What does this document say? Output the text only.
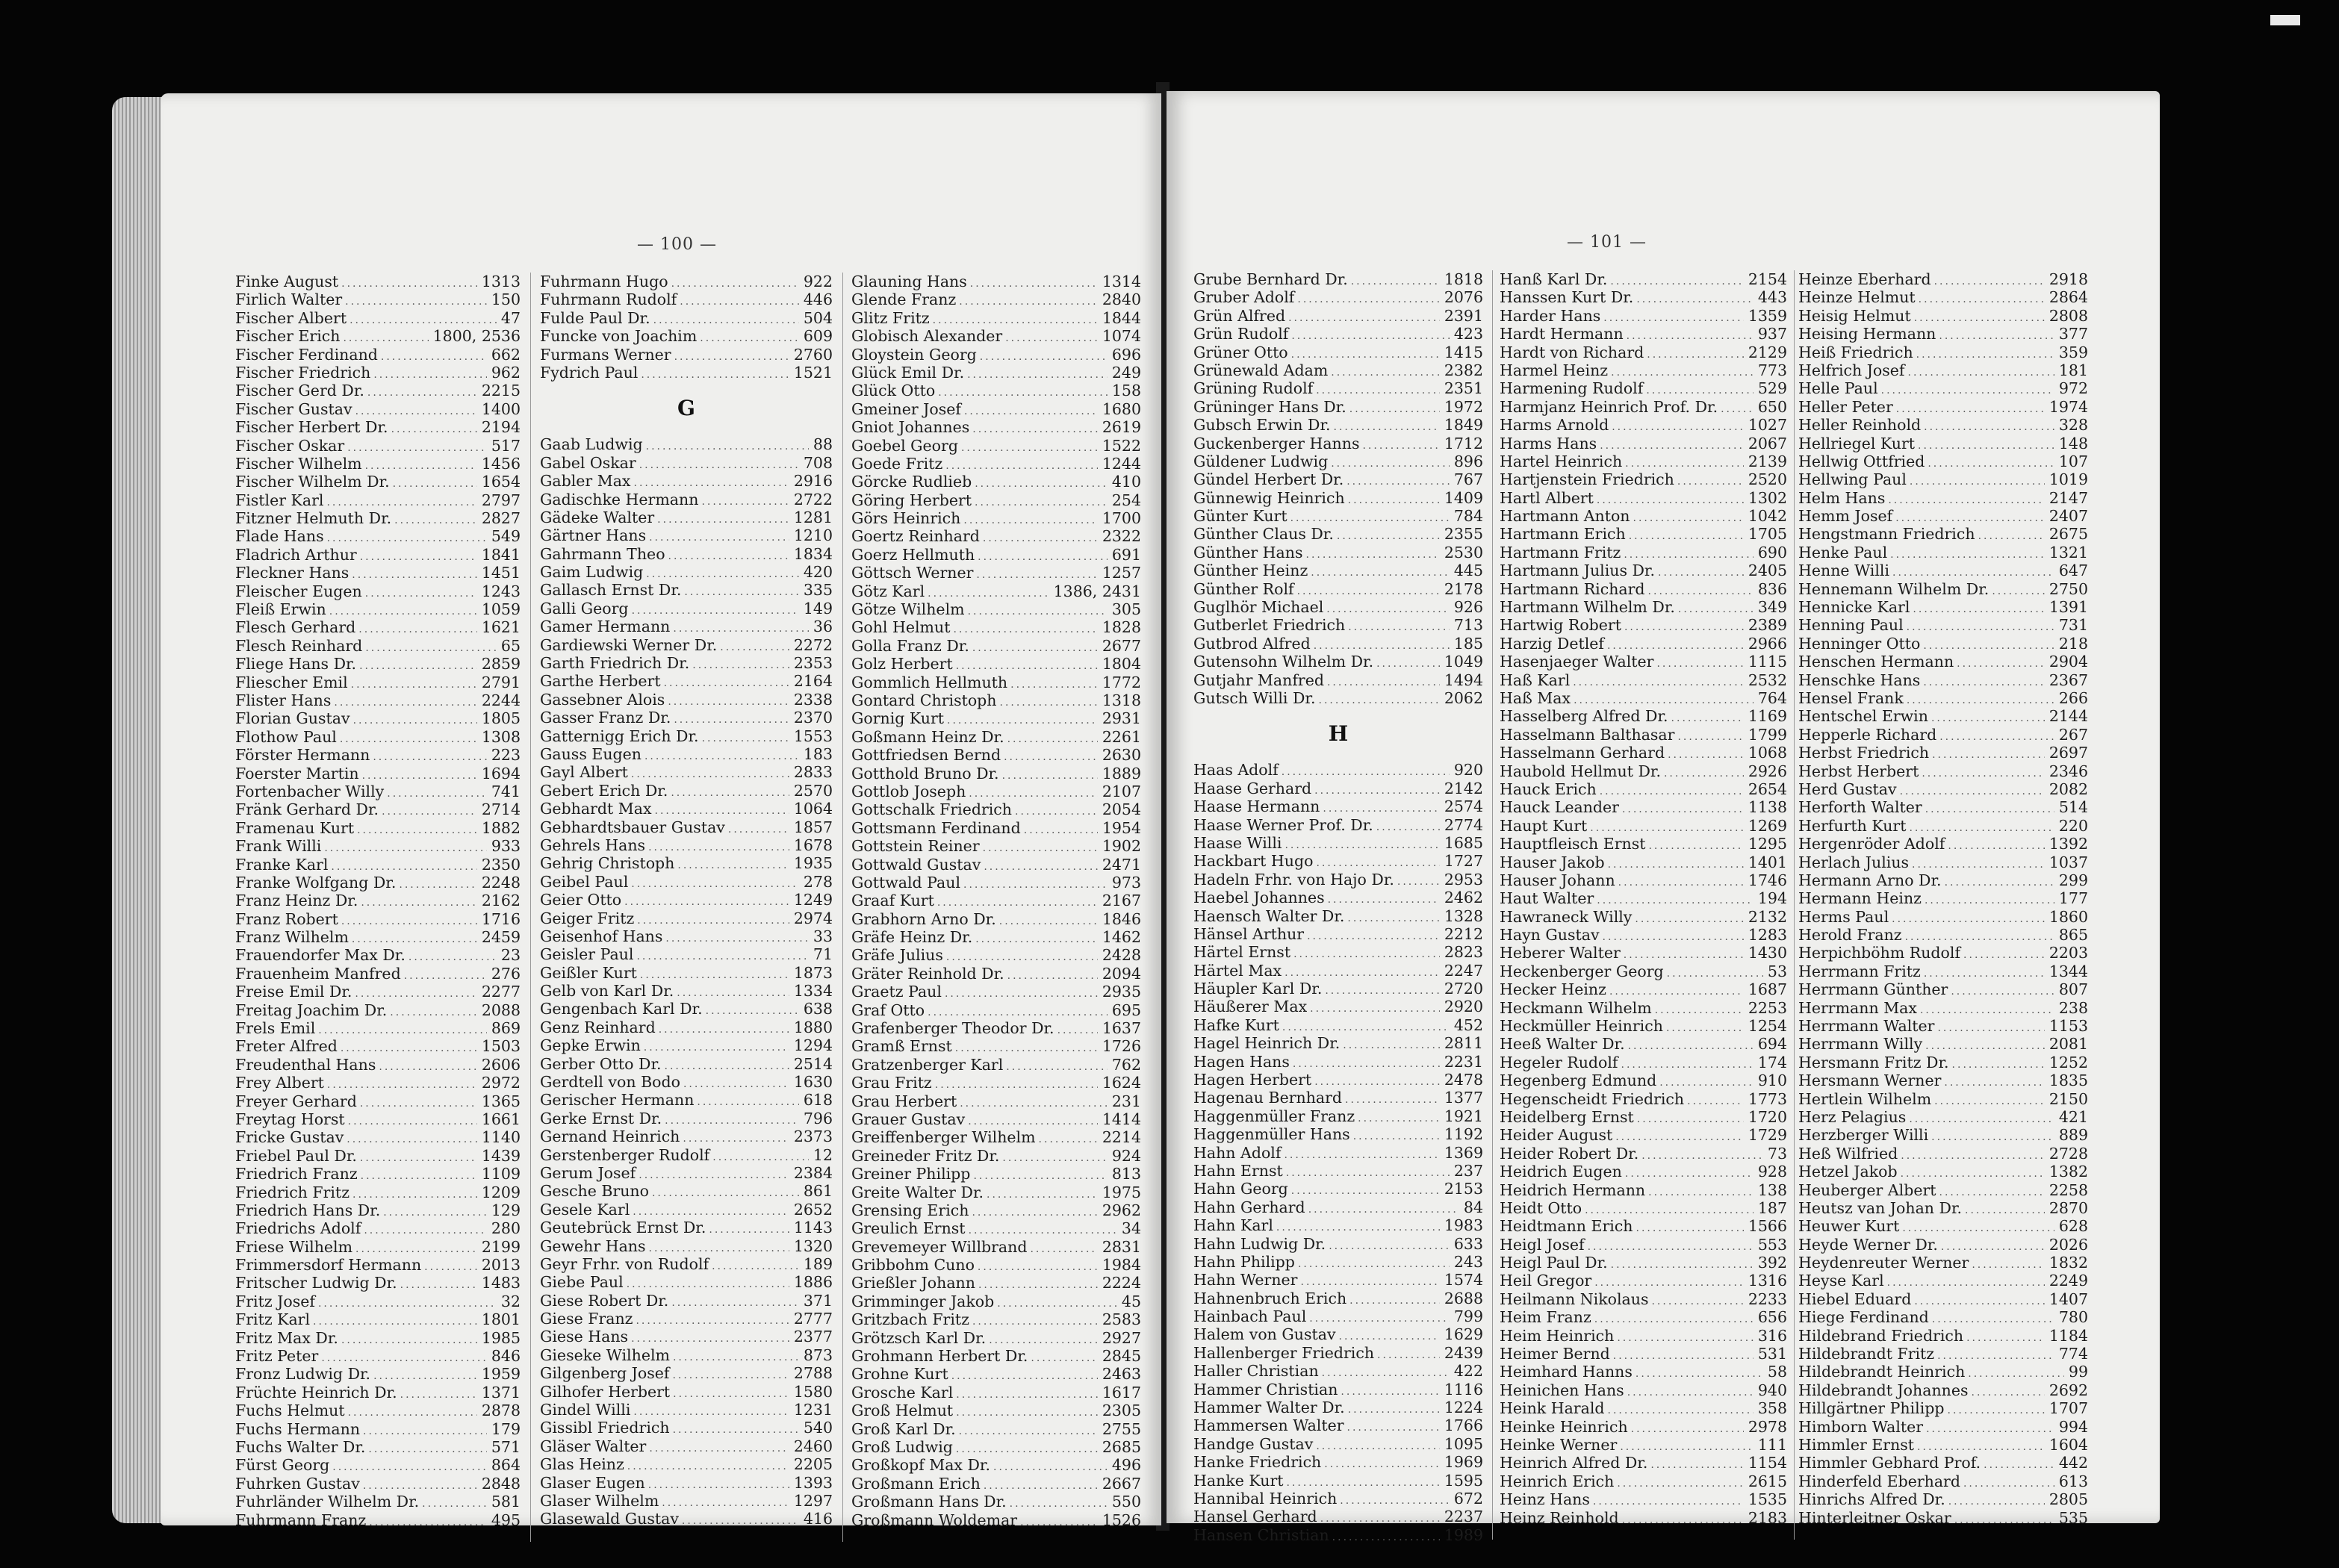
— 100 —
Finke August .....	1313
Firlich Walter .....	150
Fischer Albert .....	47
Fischer Erich .....	1800, 2536
Fischer Ferdinand .....	662
Fischer Friedrich .....	962
Fischer Gerd Dr. .....	2215
Fischer Gustav .....	1400
Fischer Herbert Dr. .....	2194
Fischer Oskar .....	517
Fischer Wilhelm .....	1456
Fischer Wilhelm Dr. .....	1654
Fistler Karl .....	2797
Fitzner Helmuth Dr. .....	2827
Flade Hans .....	549
Fladrich Arthur .....	1841
Fleckner Hans .....	1451
Fleischer Eugen .....	1243
Fleiß Erwin .....	1059
Flesch Gerhard .....	1621
Flesch Reinhard .....	65
Fliege Hans Dr. .....	2859
Fliescher Emil .....	2791
Flister Hans .....	2244
Florian Gustav .....	1805
Flothow Paul .....	1308
Förster Hermann .....	223
Foerster Martin .....	1694
Fortenbacher Willy .....	741
Fränk Gerhard Dr. .....	2714
Framenau Kurt .....	1882
Frank Willi .....	933
Franke Karl .....	2350
Franke Wolfgang Dr. .....	2248
Franz Heinz Dr. .....	2162
Franz Robert .....	1716
Franz Wilhelm .....	2459
Frauendorfer Max Dr. .....	23
Frauenheim Manfred .....	276
Freise Emil Dr. .....	2277
Freitag Joachim Dr. .....	2088
Frels Emil .....	869
Freter Alfred .....	1503
Freudenthal Hans .....	2606
Frey Albert .....	2972
Freyer Gerhard .....	1365
Freytag Horst .....	1661
Fricke Gustav .....	1140
Friebel Paul Dr. .....	1439
Friedrich Franz .....	1109
Friedrich Fritz .....	1209
Friedrich Hans Dr. .....	129
Friedrichs Adolf .....	280
Friese Wilhelm .....	2199
Frimmersdorf Hermann .....	2013
Fritscher Ludwig Dr. .....	1483
Fritz Josef .....	32
Fritz Karl .....	1801
Fritz Max Dr. .....	1985
Fritz Peter .....	846
Fronz Ludwig Dr. .....	1959
Früchte Heinrich Dr. .....	1371
Fuchs Helmut .....	2878
Fuchs Hermann .....	179
Fuchs Walter Dr. .....	571
Fürst Georg .....	864
Fuhrken Gustav .....	2848
Fuhrländer Wilhelm Dr. .....	581
Fuhrmann Franz .....	495
Fuhrmann Hugo .....	922
Fuhrmann Rudolf .....	446
Fulde Paul Dr. .....	504
Funcke von Joachim .....	609
Furmans Werner .....	2760
Fydrich Paul .....	1521
G
Gaab Ludwig .....	88
Gabel Oskar .....	708
Gabler Max .....	2916
Gadischke Hermann .....	2722
Gädeke Walter .....	1281
Gärtner Hans .....	1210
Gahrmann Theo .....	1834
Gaim Ludwig .....	420
Gallasch Ernst Dr. .....	335
Galli Georg .....	149
Gamer Hermann .....	36
Gardiewski Werner Dr. .....	2272
Garth Friedrich Dr. .....	2353
Garthe Herbert .....	2164
Gassebner Alois .....	2338
Gasser Franz Dr. .....	2370
Gatternigg Erich Dr. .....	1553
Gauss Eugen .....	183
Gayl Albert .....	2833
Gebert Erich Dr. .....	2570
Gebhardt Max .....	1064
Gebhardtsbauer Gustav .....	1857
Gehrels Hans .....	1678
Gehrig Christoph .....	1935
Geibel Paul .....	278
Geier Otto .....	1249
Geiger Fritz .....	2974
Geisenhof Hans .....	33
Geisler Paul .....	71
Geißler Kurt .....	1873
Gelb von Karl Dr. .....	1334
Gengenbach Karl Dr. .....	638
Genz Reinhard .....	1880
Gepke Erwin .....	1294
Gerber Otto Dr. .....	2514
Gerdtell von Bodo .....	1630
Gerischer Hermann .....	618
Gerke Ernst Dr. .....	796
Gernand Heinrich .....	2373
Gerstenberger Rudolf .....	12
Gerum Josef .....	2384
Gesche Bruno .....	861
Gesele Karl .....	2652
Geutebrück Ernst Dr. .....	1143
Gewehr Hans .....	1320
Geyr Frhr. von Rudolf .....	189
Giebe Paul .....	1886
Giese Robert Dr. .....	371
Giese Franz .....	2777
Giese Hans .....	2377
Gieseke Wilhelm .....	873
Gilgenberg Josef .....	2788
Gilhofer Herbert .....	1580
Gindel Willi .....	1231
Gissibl Friedrich .....	540
Gläser Walter .....	2460
Glas Heinz .....	2205
Glaser Eugen .....	1393
Glaser Wilhelm .....	1297
Glasewald Gustav .....	416
Glauning Hans .....	1314
Glende Franz .....	2840
Glitz Fritz .....	1844
Globisch Alexander .....	1074
Gloystein Georg .....	696
Glück Emil Dr. .....	249
Glück Otto .....	158
Gmeiner Josef .....	1680
Gniot Johannes .....	2619
Goebel Georg .....	1522
Goede Fritz .....	1244
Görcke Rudlieb .....	410
Göring Herbert .....	254
Görs Heinrich .....	1700
Goertz Reinhard .....	2322
Goerz Hellmuth .....	691
Göttsch Werner .....	1257
Götz Karl .....	1386, 2431
Götze Wilhelm .....	305
Gohl Helmut .....	1828
Golla Franz Dr. .....	2677
Golz Herbert .....	1804
Gommlich Hellmuth .....	1772
Gontard Christoph .....	1318
Gornig Kurt .....	2931
Goßmann Heinz Dr. .....	2261
Gottfriedsen Bernd .....	2630
Gotthold Bruno Dr. .....	1889
Gottlob Joseph .....	2107
Gottschalk Friedrich .....	2054
Gottsmann Ferdinand .....	1954
Gottstein Reiner .....	1902
Gottwald Gustav .....	2471
Gottwald Paul .....	973
Graaf Kurt .....	2167
Grabhorn Arno Dr. .....	1846
Gräfe Heinz Dr. .....	1462
Gräfe Julius .....	2428
Gräter Reinhold Dr. .....	2094
Graetz Paul .....	2935
Graf Otto .....	695
Grafenberger Theodor Dr. .....	1637
Gramß Ernst .....	1726
Gratzenberger Karl .....	762
Grau Fritz .....	1624
Grau Herbert .....	231
Grauer Gustav .....	1414
Greiffenberger Wilhelm .....	2214
Greineder Fritz Dr. .....	924
Greiner Philipp .....	813
Greite Walter Dr. .....	1975
Grensing Erich .....	2962
Greulich Ernst .....	34
Grevemeyer Willbrand .....	2831
Gribbohm Cuno .....	1984
Grießler Johann .....	2224
Grimminger Jakob .....	45
Gritzbach Fritz .....	2583
Grötzsch Karl Dr. .....	2927
Grohmann Herbert Dr. .....	2845
Grohne Kurt .....	2463
Grosche Karl .....	1617
Groß Helmut .....	2305
Groß Karl Dr. .....	2755
Groß Ludwig .....	2685
Großkopf Max Dr. .....	496
Großmann Erich .....	2667
Großmann Hans Dr. .....	550
Großmann Woldemar .....	1526
— 101 —
Grube Bernhard Dr. .....	1818
Gruber Adolf .....	2076
Grün Alfred .....	2391
Grün Rudolf .....	423
Grüner Otto .....	1415
Grünewald Adam .....	2382
Grüning Rudolf .....	2351
Grüninger Hans Dr. .....	1972
Gubsch Erwin Dr. .....	1849
Guckenberger Hanns .....	1712
Güldener Ludwig .....	896
Gündel Herbert Dr. .....	767
Günnewig Heinrich .....	1409
Günter Kurt .....	784
Günther Claus Dr. .....	2355
Günther Hans .....	2530
Günther Heinz .....	445
Günther Rolf .....	2178
Guglhör Michael .....	926
Gutberlet Friedrich .....	713
Gutbrod Alfred .....	185
Gutensohn Wilhelm Dr. .....	1049
Gutjahr Manfred .....	1494
Gutsch Willi Dr. .....	2062
H
Haas Adolf .....	920
Haase Gerhard .....	2142
Haase Hermann .....	2574
Haase Werner Prof. Dr. .....	2774
Haase Willi .....	1685
Hackbart Hugo .....	1727
Hadeln Frhr. von Hajo Dr. .....	2953
Haebel Johannes .....	2462
Haensch Walter Dr. .....	1328
Hänsel Arthur .....	2212
Härtel Ernst .....	2823
Härtel Max .....	2247
Häupler Karl Dr. .....	2720
Häußerer Max .....	2920
Hafke Kurt .....	452
Hagel Heinrich Dr. .....	2811
Hagen Hans .....	2231
Hagen Herbert .....	2478
Hagenau Bernhard .....	1377
Haggenmüller Franz .....	1921
Haggenmüller Hans .....	1192
Hahn Adolf .....	1369
Hahn Ernst .....	237
Hahn Georg .....	2153
Hahn Gerhard .....	84
Hahn Karl .....	1983
Hahn Ludwig Dr. .....	633
Hahn Philipp .....	243
Hahn Werner .....	1574
Hahnenbruch Erich .....	2688
Hainbach Paul .....	799
Halem von Gustav .....	1629
Hallenberger Friedrich .....	2439
Haller Christian .....	422
Hammer Christian .....	1116
Hammer Walter Dr. .....	1224
Hammersen Walter .....	1766
Handge Gustav .....	1095
Hanke Friedrich .....	1969
Hanke Kurt .....	1595
Hannibal Heinrich .....	672
Hansel Gerhard .....	2237
Hansen Christian .....	1989
Hanß Karl Dr. .....	2154
Hanssen Kurt Dr. .....	443
Harder Hans .....	1359
Hardt Hermann .....	937
Hardt von Richard .....	2129
Harmel Heinz .....	773
Harmening Rudolf .....	529
Harmjanz Heinrich Prof. Dr. .....	650
Harms Arnold .....	1027
Harms Hans .....	2067
Hartel Heinrich .....	2139
Hartjenstein Friedrich .....	2520
Hartl Albert .....	1302
Hartmann Anton .....	1042
Hartmann Erich .....	1705
Hartmann Fritz .....	690
Hartmann Julius Dr. .....	2405
Hartmann Richard .....	836
Hartmann Wilhelm Dr. .....	349
Hartwig Robert .....	2389
Harzig Detlef .....	2966
Hasenjaeger Walter .....	1115
Haß Karl .....	2532
Haß Max .....	764
Hasselberg Alfred Dr. .....	1169
Hasselmann Balthasar .....	1799
Hasselmann Gerhard .....	1068
Haubold Hellmut Dr. .....	2926
Hauck Erich .....	2654
Hauck Leander .....	1138
Haupt Kurt .....	1269
Hauptfleisch Ernst .....	1295
Hauser Jakob .....	1401
Hauser Johann .....	1746
Haut Walter .....	194
Hawraneck Willy .....	2132
Hayn Gustav .....	1283
Heberer Walter .....	1430
Heckenberger Georg .....	53
Hecker Heinz .....	1687
Heckmann Wilhelm .....	2253
Heckmüller Heinrich .....	1254
Heeß Walter Dr. .....	694
Hegeler Rudolf .....	174
Hegenberg Edmund .....	910
Hegenscheidt Friedrich .....	1773
Heidelberg Ernst .....	1720
Heider August .....	1729
Heider Robert Dr. .....	73
Heidrich Eugen .....	928
Heidrich Hermann .....	138
Heidt Otto .....	187
Heidtmann Erich .....	1566
Heigl Josef .....	553
Heigl Paul Dr. .....	392
Heil Gregor .....	1316
Heilmann Nikolaus .....	2233
Heim Franz .....	656
Heim Heinrich .....	316
Heimer Bernd .....	531
Heimhard Hanns .....	58
Heinichen Hans .....	940
Heink Harald .....	358
Heinke Heinrich .....	2978
Heinke Werner .....	111
Heinrich Alfred Dr. .....	1154
Heinrich Erich .....	2615
Heinz Hans .....	1535
Heinz Reinhold .....	2183
Heinze Eberhard .....	2918
Heinze Helmut .....	2864
Heisig Helmut .....	2808
Heising Hermann .....	377
Heiß Friedrich .....	359
Helfrich Josef .....	181
Helle Paul .....	972
Heller Peter .....	1974
Heller Reinhold .....	328
Hellriegel Kurt .....	148
Hellwig Ottfried .....	107
Hellwing Paul .....	1019
Helm Hans .....	2147
Hemm Josef .....	2407
Hengstmann Friedrich .....	2675
Henke Paul .....	1321
Henne Willi .....	647
Hennemann Wilhelm Dr. .....	2750
Hennicke Karl .....	1391
Henning Paul .....	731
Henninger Otto .....	218
Henschen Hermann .....	2904
Henschke Hans .....	2367
Hensel Frank .....	266
Hentschel Erwin .....	2144
Hepperle Richard .....	267
Herbst Friedrich .....	2697
Herbst Herbert .....	2346
Herd Gustav .....	2082
Herforth Walter .....	514
Herfurth Kurt .....	220
Hergenröder Adolf .....	1392
Herlach Julius .....	1037
Hermann Arno Dr. .....	299
Hermann Heinz .....	177
Herms Paul .....	1860
Herold Franz .....	865
Herpichböhm Rudolf .....	2203
Herrmann Fritz .....	1344
Herrmann Günther .....	807
Herrmann Max .....	238
Herrmann Walter .....	1153
Herrmann Willy .....	2081
Hersmann Fritz Dr. .....	1252
Hersmann Werner .....	1835
Hertlein Wilhelm .....	2150
Herz Pelagius .....	421
Herzberger Willi .....	889
Heß Wilfried .....	2728
Hetzel Jakob .....	1382
Heuberger Albert .....	2258
Heutsz van Johan Dr. .....	2870
Heuwer Kurt .....	628
Heyde Werner Dr. .....	2026
Heydenreuter Werner .....	1832
Heyse Karl .....	2249
Hiebel Eduard .....	1407
Hiege Ferdinand .....	780
Hildebrand Friedrich .....	1184
Hildebrandt Fritz .....	774
Hildebrandt Heinrich .....	99
Hildebrandt Johannes .....	2692
Hillgärtner Philipp .....	1707
Himborn Walter .....	994
Himmler Ernst .....	1604
Himmler Gebhard Prof. .....	442
Hinderfeld Eberhard .....	613
Hinrichs Alfred Dr. .....	2805
Hinterleitner Oskar .....	535
